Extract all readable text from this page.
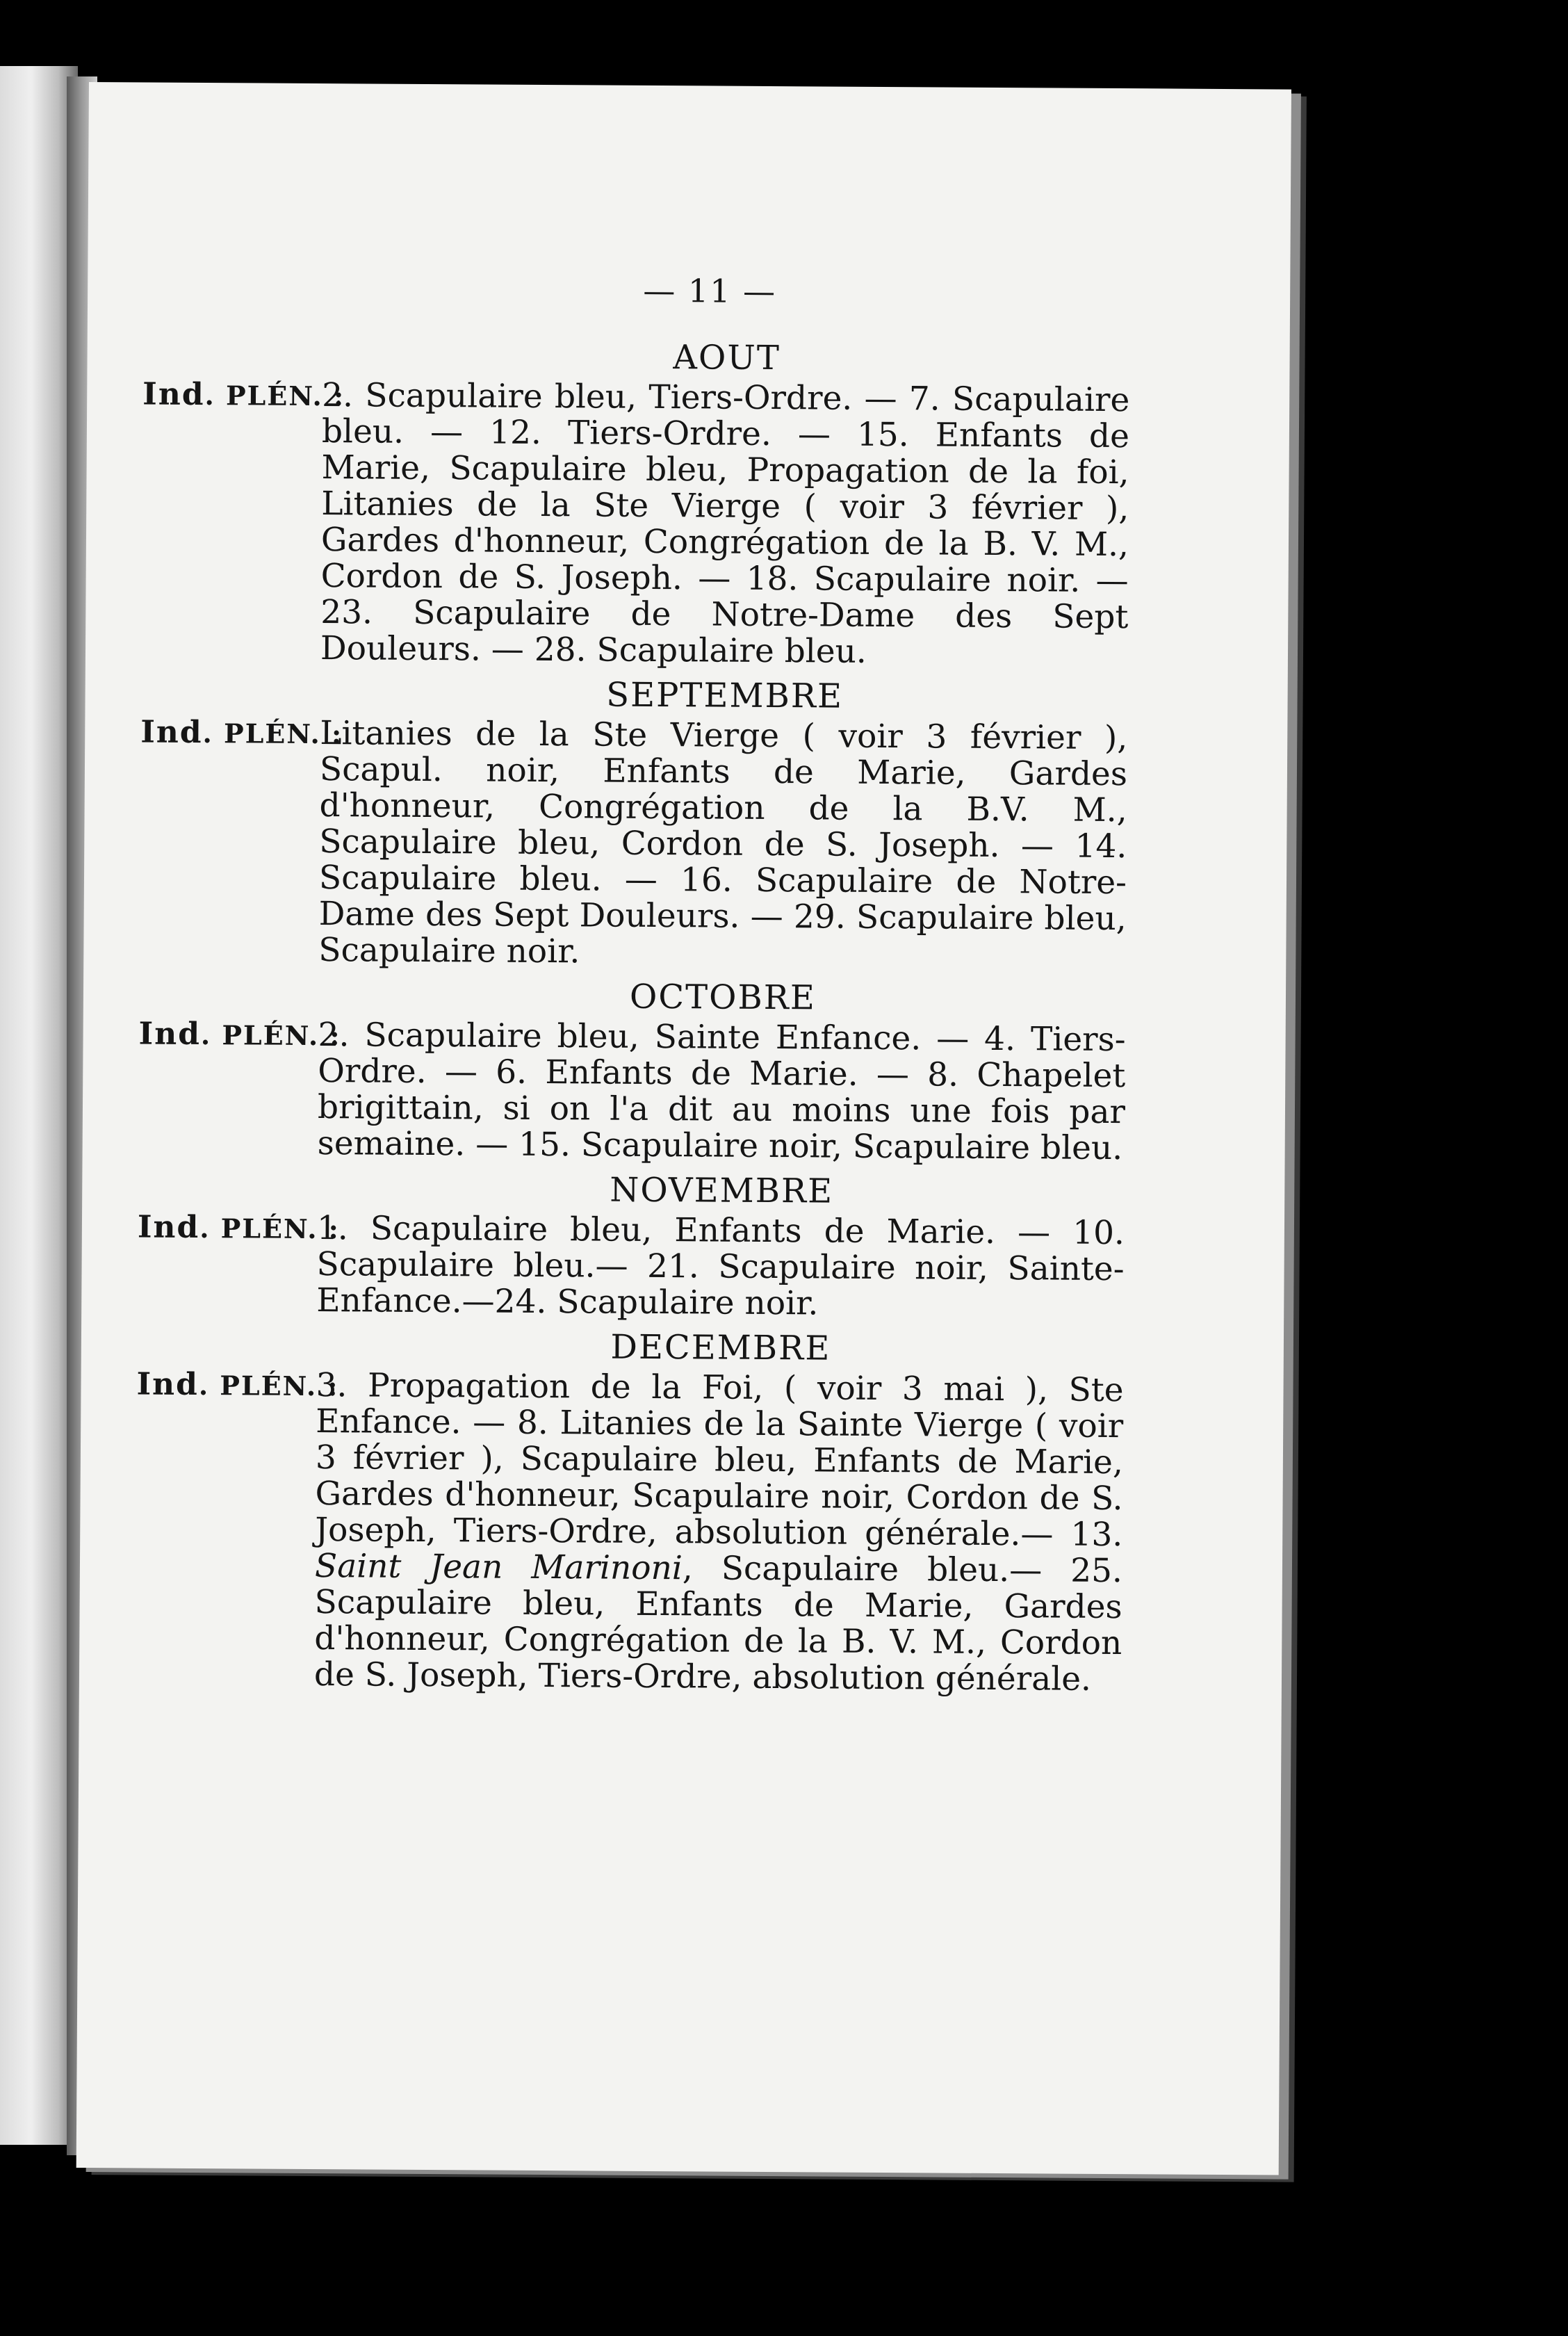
— 11 —
AOUT
Ind. PLÉN. :
2. Scapulaire bleu, Tiers-Ordre. — 7. Scapulaire bleu. — 12. Tiers-Ordre. — 15. Enfants de Marie, Scapulaire bleu, Propagation de la foi, Litanies de la Ste Vierge ( voir 3 février ), Gardes d'honneur, Congrégation de la B. V. M., Cordon de S. Joseph. — 18. Scapulaire noir. — 23. Scapulaire de Notre-Dame des Sept Douleurs. — 28. Scapulaire bleu.
SEPTEMBRE
Ind. PLÉN. :
Litanies de la Ste Vierge ( voir 3 février ), Scapul. noir, Enfants de Marie, Gardes d'honneur, Congrégation de la B.V. M., Scapulaire bleu, Cordon de S. Joseph. — 14. Scapulaire bleu. — 16. Scapulaire de Notre-Dame des Sept Douleurs. — 29. Scapulaire bleu, Scapulaire noir.
OCTOBRE
Ind. PLÉN. :
2. Scapulaire bleu, Sainte Enfance. — 4. Tiers-Ordre. — 6. Enfants de Marie. — 8. Chapelet brigittain, si on l'a dit au moins une fois par semaine. — 15. Scapulaire noir, Scapulaire bleu.
NOVEMBRE
Ind. PLÉN. :
1. Scapulaire bleu, Enfants de Marie. — 10. Scapulaire bleu.— 21. Scapulaire noir, Sainte-Enfance.—24. Scapulaire noir.
DECEMBRE
Ind. PLÉN. :
3. Propagation de la Foi, ( voir 3 mai ), Ste Enfance. — 8. Litanies de la Sainte Vierge ( voir 3 février ), Scapulaire bleu, Enfants de Marie, Gardes d'honneur, Scapulaire noir, Cordon de S. Joseph, Tiers-Ordre, absolution générale.— 13. Saint Jean Marinoni, Scapulaire bleu.— 25. Scapulaire bleu, Enfants de Marie, Gardes d'honneur, Congrégation de la B. V. M., Cordon de S. Joseph, Tiers-Ordre, absolution générale.
